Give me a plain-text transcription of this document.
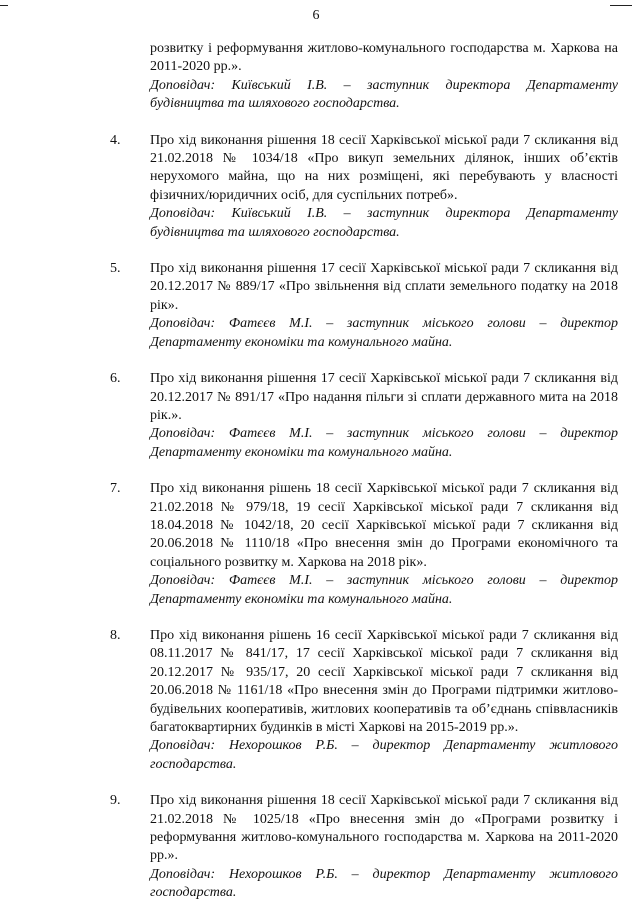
6

розвитку і реформування житлово-комунального господарства м. Харкова на 2011-2020 рр.».

Доповідач: Київський І.В. – заступник директора Департаменту будівництва та шляхового господарства.

4.	Про хід виконання рішення 18 сесії Харківської міської ради 7 скликання від 21.02.2018 № 1034/18 «Про викуп земельних ділянок, інших об’єктів нерухомого майна, що на них розміщені, які перебувають у власності фізичних/юридичних осіб, для суспільних потреб».

Доповідач: Київський І.В. – заступник директора Департаменту будівництва та шляхового господарства.

5.	Про хід виконання рішення 17 сесії Харківської міської ради 7 скликання від 20.12.2017 № 889/17 «Про звільнення від сплати земельного податку на 2018 рік».

Доповідач: Фатєєв М.І. – заступник міського голови – директор Департаменту економіки та комунального майна.

6.	Про хід виконання рішення 17 сесії Харківської міської ради 7 скликання від 20.12.2017 № 891/17 «Про надання пільги зі сплати державного мита на 2018 рік.».

Доповідач: Фатєєв М.І. – заступник міського голови – директор Департаменту економіки та комунального майна.

7.	Про хід виконання рішень 18 сесії Харківської міської ради 7 скликання від 21.02.2018 № 979/18, 19 сесії Харківської міської ради 7 скликання від 18.04.2018 № 1042/18, 20 сесії Харківської міської ради 7 скликання від 20.06.2018 № 1110/18 «Про внесення змін до Програми економічного та соціального розвитку м. Харкова на 2018 рік».

Доповідач: Фатєєв М.І. – заступник міського голови – директор Департаменту економіки та комунального майна.

8.	Про хід виконання рішень 16 сесії Харківської міської ради 7 скликання від 08.11.2017 № 841/17, 17 сесії Харківської міської ради 7 скликання від 20.12.2017 № 935/17, 20 сесії Харківської міської ради 7 скликання від 20.06.2018 № 1161/18 «Про внесення змін до Програми підтримки житлово-будівельних кооперативів, житлових кооперативів та об’єднань співвласників багатоквартирних будинків в місті Харкові на 2015-2019 рр.».

Доповідач: Нехорошков Р.Б. – директор Департаменту житлового господарства.

9.	Про хід виконання рішення 18 сесії Харківської міської ради 7 скликання від 21.02.2018 № 1025/18 «Про внесення змін до «Програми розвитку і реформування житлово-комунального господарства м. Харкова на 2011-2020 рр.».

Доповідач: Нехорошков Р.Б. – директор Департаменту житлового господарства.
